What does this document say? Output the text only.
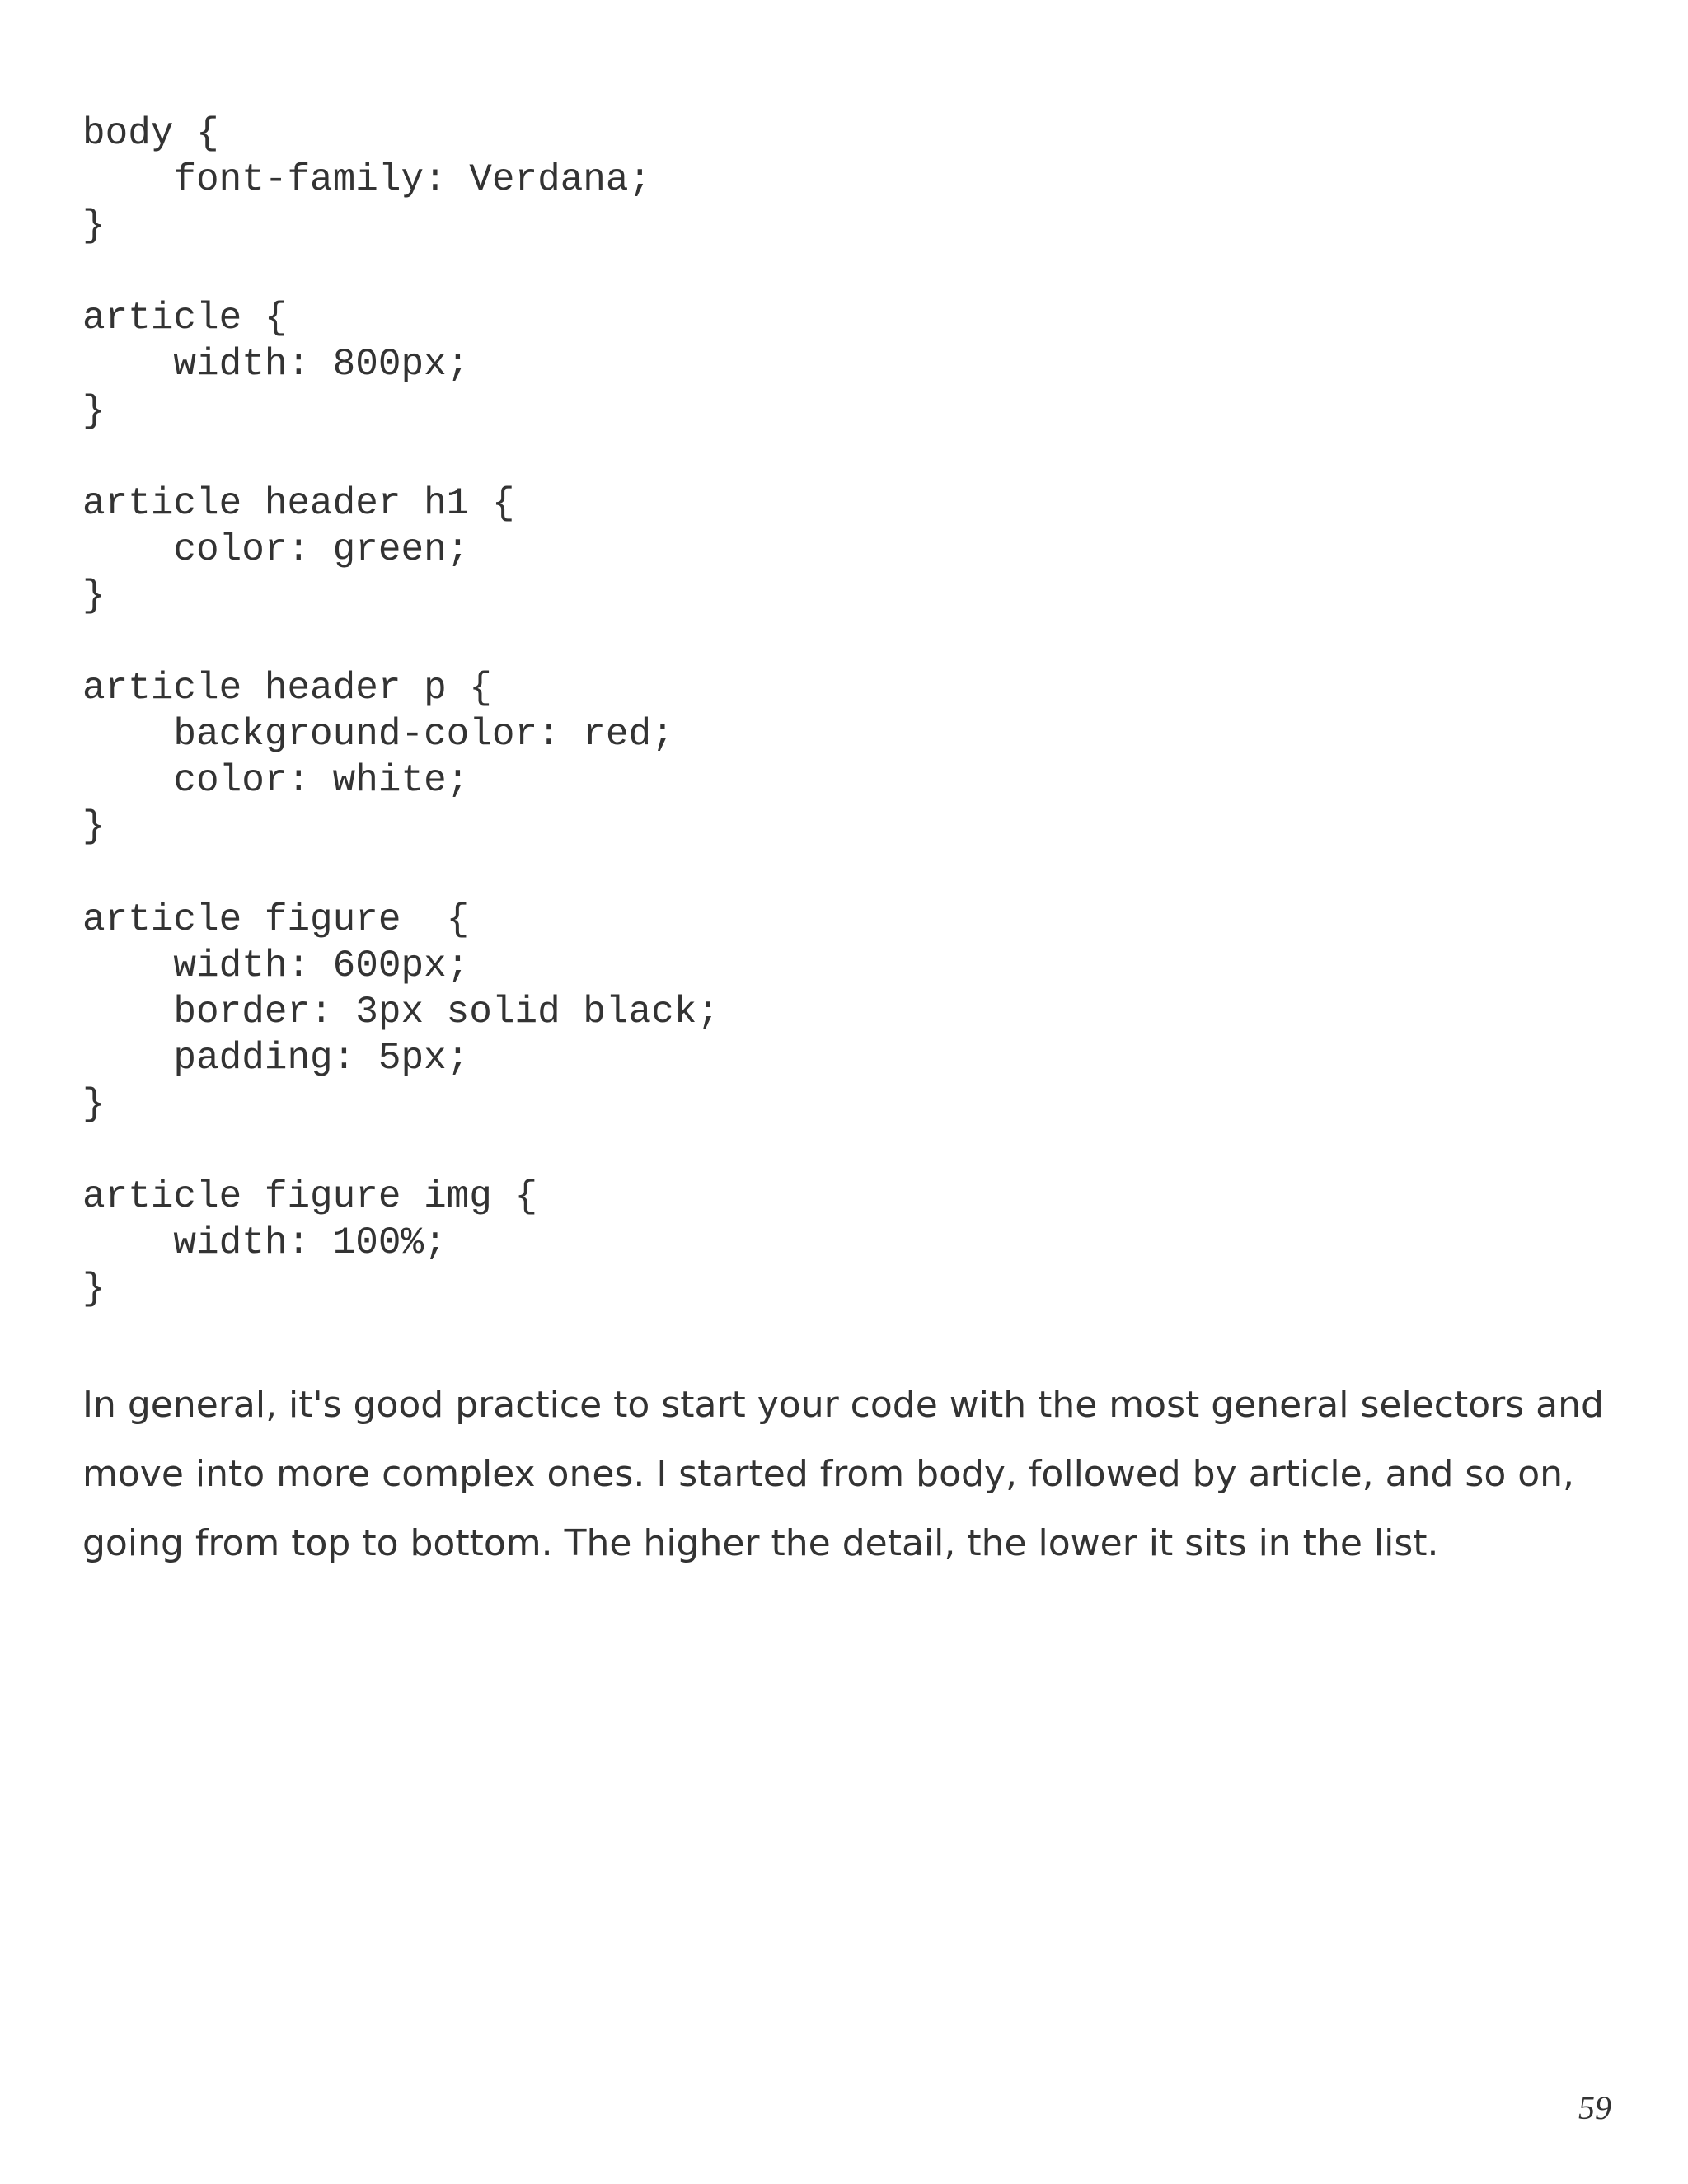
body {
font-family: Verdana;
}
article {
width: 800px;
}
article header h1 {
color: green;
}
article header p {
background-color: red;
color: white;
}
article figure  {
width: 600px;
border: 3px solid black;
padding: 5px;
}
article figure img {
width: 100%;
}

In general, it's good practice to start your code with the most general selectors and
move into more complex ones. I started from body, followed by article, and so on,
going from top to bottom. The higher the detail, the lower it sits in the list.

59
